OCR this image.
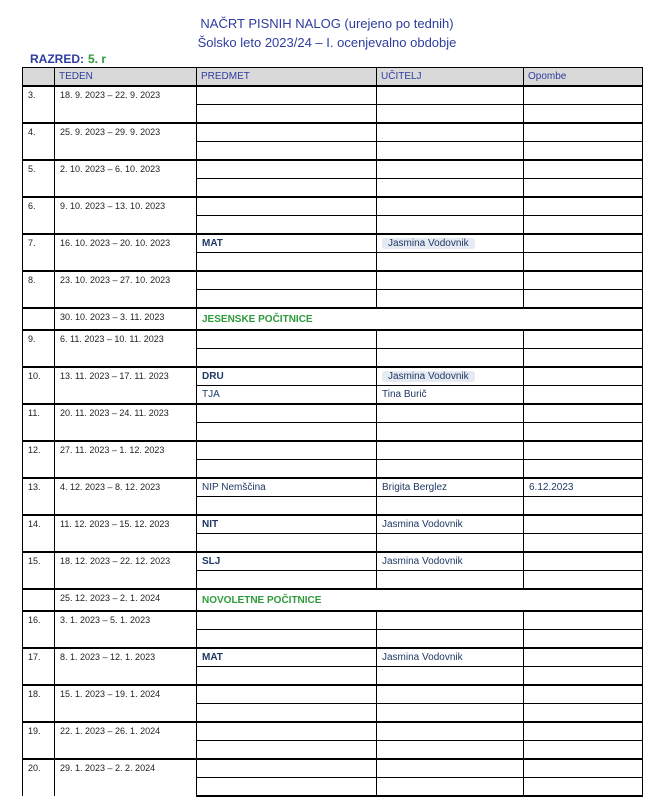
NAČRT PISNIH NALOG (urejeno po tednih)
Šolsko leto 2023/24 – I. ocenjevalno obdobje
RAZRED: 5. r
	TEDEN	PREDMET	UČITELJ	Opombe
3.	18. 9. 2023 – 22. 9. 2023			

4.	25. 9. 2023 – 29. 9. 2023			

5.	2. 10. 2023 – 6. 10. 2023			

6.	9. 10. 2023 – 13. 10. 2023			

7.	16. 10. 2023 – 20. 10. 2023	MAT	Jasmina Vodovnik	

8.	23. 10. 2023 – 27. 10. 2023			

	30. 10. 2023 – 3. 11. 2023	JESENSKE POČITNICE		
9.	6. 11. 2023 – 10. 11. 2023			

10.	13. 11. 2023 – 17. 11. 2023	DRU	Jasmina Vodovnik	
		TJA	Tina Burič	
11.	20. 11. 2023 – 24. 11. 2023			

12.	27. 11. 2023 – 1. 12. 2023			

13.	4. 12. 2023 – 8. 12. 2023	NIP Nemščina	Brigita Berglez	6.12.2023

14.	11. 12. 2023 – 15. 12. 2023	NIT	Jasmina Vodovnik	

15.	18. 12. 2023 – 22. 12. 2023	SLJ	Jasmina Vodovnik	

	25. 12. 2023 – 2. 1. 2024	NOVOLETNE POČITNICE		
16.	3. 1. 2023 – 5. 1. 2023			

17.	8. 1. 2023 – 12. 1. 2023	MAT	Jasmina Vodovnik	

18.	15. 1. 2023 – 19. 1. 2024			

19.	22. 1. 2023 – 26. 1. 2024			

20.	29. 1. 2023 – 2. 2. 2024			
